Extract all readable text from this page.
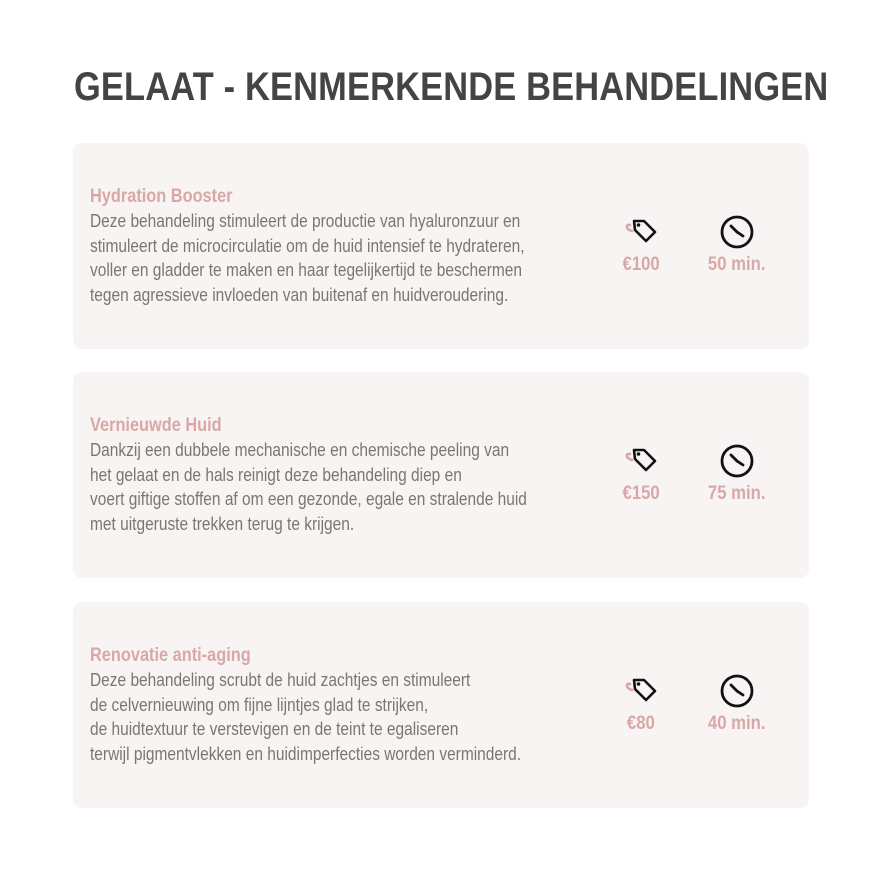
GELAAT - KENMERKENDE BEHANDELINGEN
Hydration Booster
Deze behandeling stimuleert de productie van hyaluronzuur en
stimuleert de microcirculatie om de huid intensief te hydrateren,
voller en gladder te maken en haar tegelijkertijd te beschermen
tegen agressieve invloeden van buitenaf en huidveroudering.
€100	50 min.
Vernieuwde Huid
Dankzij een dubbele mechanische en chemische peeling van
het gelaat en de hals reinigt deze behandeling diep en
voert giftige stoffen af om een gezonde, egale en stralende huid
met uitgeruste trekken terug te krijgen.
€150	75 min.
Renovatie anti-aging
Deze behandeling scrubt de huid zachtjes en stimuleert
de celvernieuwing om fijne lijntjes glad te strijken,
de huidtextuur te verstevigen en de teint te egaliseren
terwijl pigmentvlekken en huidimperfecties worden verminderd.
€80	40 min.
